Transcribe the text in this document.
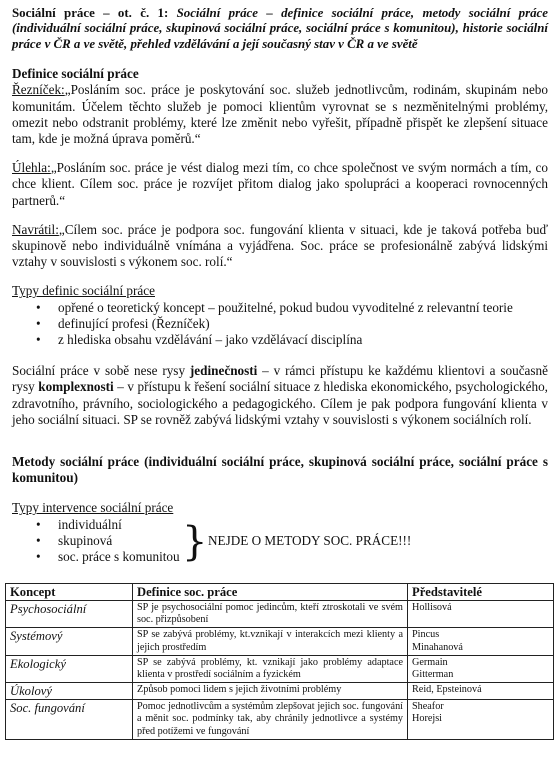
Sociální práce – ot. č. 1: Sociální práce – definice sociální práce, metody sociální práce (individuální sociální práce, skupinová sociální práce, sociální práce s komunitou), historie sociální práce v ČR a ve světě, přehled vzdělávání a její současný stav v ČR a ve světě

Definice sociální práce

Řezníček:„Posláním soc. práce je poskytování soc. služeb jednotlivcům, rodinám, skupinám nebo komunitám. Účelem těchto služeb je pomoci klientům vyrovnat se s nezměnitelnými problémy, omezit nebo odstranit problémy, které lze změnit nebo vyřešit, případně přispět ke zlepšení situace tam, kde je možná úprava poměrů.“

Úlehla:„Posláním soc. práce je vést dialog mezi tím, co chce společnost ve svým normách a tím, co chce klient. Cílem soc. práce je rozvíjet přitom dialog jako spolupráci a kooperaci rovnocenných partnerů.“

Navrátil:„Cílem soc. práce je podpora soc. fungování klienta v situaci, kde je taková potřeba buď skupinově nebo individuálně vnímána a vyjádřena. Soc. práce se profesionálně zabývá lidskými vztahy v souvislosti s výkonem soc. rolí.“

Typy definic sociální práce

• opřené o teoretický koncept – použitelné, pokud budou vyvoditelné z relevantní teorie
• definující profesi (Řezníček)
• z hlediska obsahu vzdělávání – jako vzdělávací disciplína

Sociální práce v sobě nese rysy jedinečnosti – v rámci přístupu ke každému klientovi a současně rysy komplexnosti – v přístupu k řešení sociální situace z hlediska ekonomického, psychologického, zdravotního, právního, sociologického a pedagogického. Cílem je pak podpora fungování klienta v jeho sociální situaci. SP se rovněž zabývá lidskými vztahy v souvislosti s výkonem sociálních rolí.

Metody sociální práce (individuální sociální práce, skupinová sociální práce, sociální práce s komunitou)

Typy intervence sociální práce

• individuální
• skupinová
• soc. práce s komunitou } NEJDE O METODY SOC. PRÁCE!!!
Koncept	Definice soc. práce	Představitelé
Psychosociální	SP je psychosociální pomoc jedincům, kteří ztroskotali ve svém soc. přizpůsobení	Hollisová
Systémový	SP se zabývá problémy, kt.vznikají v interakcích mezi klienty a jejich prostředím	Pincus
Minahanová
Ekologický	SP se zabývá problémy, kt. vznikají jako problémy adaptace klienta v prostředí sociálním a fyzickém	Germain
Gitterman
Úkolový	Způsob pomoci lidem s jejich životními problémy	Reid, Epsteinová
Soc. fungování	Pomoc jednotlivcům a systémům zlepšovat jejich soc. fungování a měnit soc. podmínky tak, aby chránily jednotlivce a systémy před potížemi ve fungování	Sheafor
Horejsi
